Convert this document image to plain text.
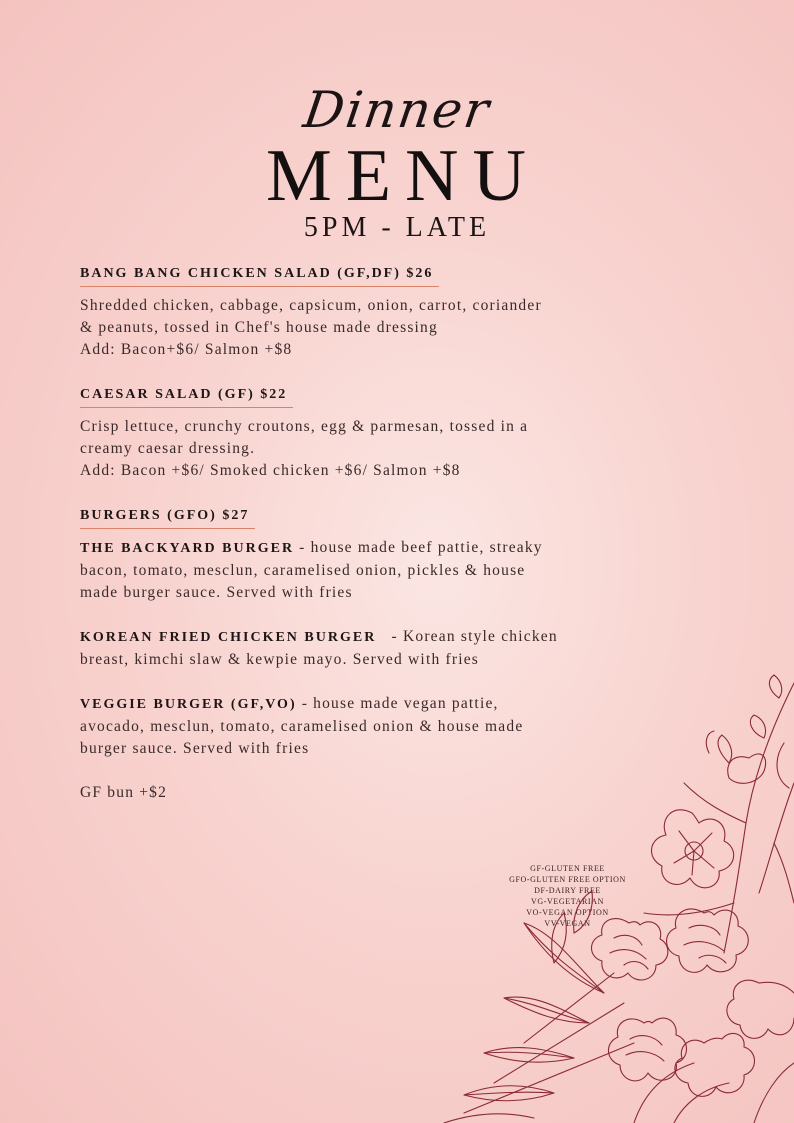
Dinner
MENU
5PM - LATE
BANG BANG CHICKEN SALAD (GF,DF) $26

Shredded chicken, cabbage, capsicum, onion, carrot, coriander

& peanuts, tossed in Chef's house made dressing

Add: Bacon+$6/ Salmon +$8

CAESAR SALAD (GF) $22

Crisp lettuce, crunchy croutons, egg & parmesan, tossed in a

creamy caesar dressing.

Add: Bacon +$6/ Smoked chicken +$6/ Salmon +$8

BURGERS (GFO) $27

THE BACKYARD BURGER - house made beef pattie, streaky

bacon, tomato, mesclun, caramelised onion, pickles & house

made burger sauce. Served with fries

KOREAN FRIED CHICKEN BURGER   - Korean style chicken

breast, kimchi slaw & kewpie mayo. Served with fries

VEGGIE BURGER (GF,VO) - house made vegan pattie,

avocado, mesclun, tomato, caramelised onion & house made

burger sauce. Served with fries

GF bun +$2

GF-GLUTEN FREE
GFO-GLUTEN FREE OPTION
DF-DAIRY FREE
VG-VEGETARIAN
VO-VEGAN OPTION
VV-VEGAN
